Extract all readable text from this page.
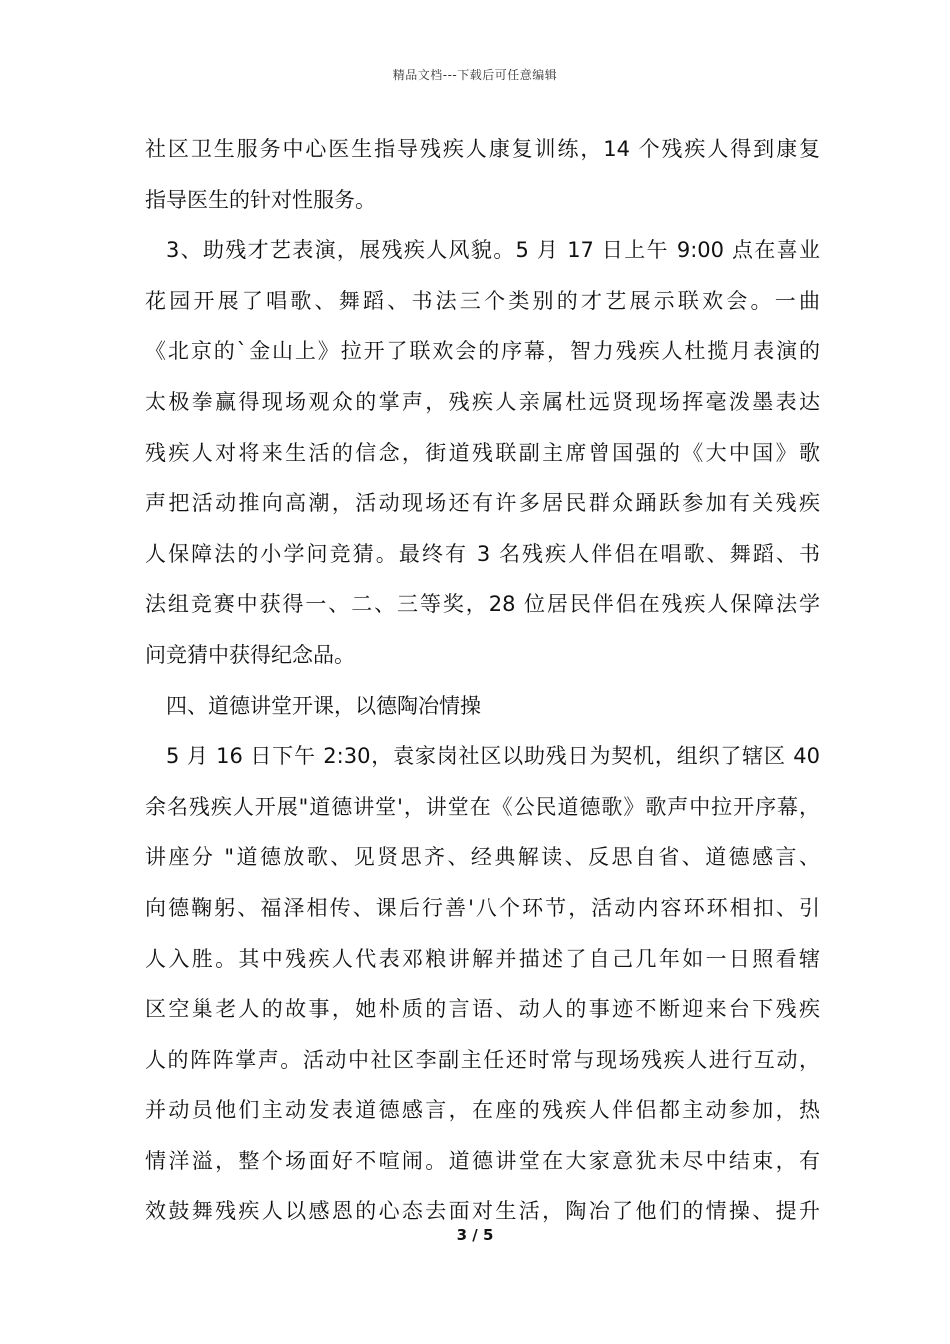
精品文档---下载后可任意编辑
社区卫生服务中心医生指导残疾人康复训练，14 个残疾人得到康复
指导医生的针对性服务。
3、助残才艺表演，展残疾人风貌。5 月 17 日上午 9:00 点在喜业
花园开展了唱歌、舞蹈、书法三个类别的才艺展示联欢会。一曲
《北京的`金山上》拉开了联欢会的序幕，智力残疾人杜揽月表演的
太极拳赢得现场观众的掌声，残疾人亲属杜远贤现场挥毫泼墨表达
残疾人对将来生活的信念，街道残联副主席曾国强的《大中国》歌
声把活动推向高潮，活动现场还有许多居民群众踊跃参加有关残疾
人保障法的小学问竞猜。最终有 3 名残疾人伴侣在唱歌、舞蹈、书
法组竞赛中获得一、二、三等奖，28 位居民伴侣在残疾人保障法学
问竞猜中获得纪念品。
四、道德讲堂开课，以德陶冶情操
5 月 16 日下午 2:30，袁家岗社区以助残日为契机，组织了辖区 40
余名残疾人开展"道德讲堂'，讲堂在《公民道德歌》歌声中拉开序幕，
讲座分 "道德放歌、见贤思齐、经典解读、反思自省、道德感言、
向德鞠躬、福泽相传、课后行善'八个环节，活动内容环环相扣、引
人入胜。其中残疾人代表邓粮讲解并描述了自己几年如一日照看辖
区空巢老人的故事，她朴质的言语、动人的事迹不断迎来台下残疾
人的阵阵掌声。活动中社区李副主任还时常与现场残疾人进行互动，
并动员他们主动发表道德感言，在座的残疾人伴侣都主动参加，热
情洋溢，整个场面好不喧闹。道德讲堂在大家意犹未尽中结束，有
效鼓舞残疾人以感恩的心态去面对生活，陶冶了他们的情操、提升
3 / 5
